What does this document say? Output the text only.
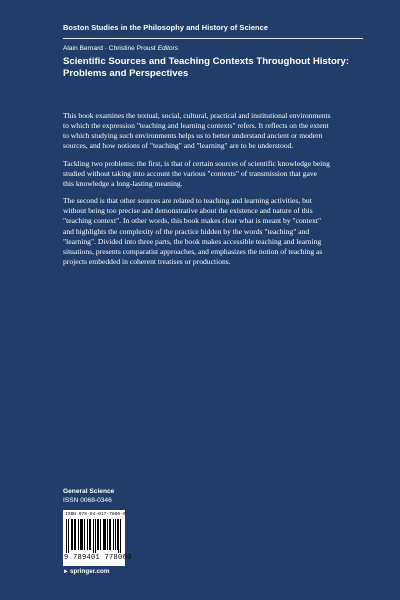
Boston Studies in the Philosophy and History of Science
Alain Bernard · Christine Proust Editors
Scientific Sources and Teaching Contexts Throughout History:
Problems and Perspectives

This book examines the textual, social, cultural, practical and institutional environments
to which the expression "teaching and learning contexts" refers. It reflects on the extent
to which studying such environments helps us to better understand ancient or modern
sources, and how notions of "teaching" and "learning" are to be understood.

Tackling two problems: the first, is that of certain sources of scientific knowledge being
studied without taking into account the various "contexts" of transmission that gave
this knowledge a long-lasting meaning.

The second is that other sources are related to teaching and learning activities, but
without being too precise and demonstrative about the existence and nature of this
"teaching context". In other words, this book makes clear what is meant by "context"
and highlights the complexity of the practice hidden by the words "teaching" and
"learning". Divided into three parts, the book makes accessible teaching and learning
situations, presents comparatist approaches, and emphasizes the notion of teaching as
projects embedded in coherent treatises or productions.

General Science
ISSN 0068-0346
ISBN 978-94-017-7806-0
9 789401 778060
►springer.com
